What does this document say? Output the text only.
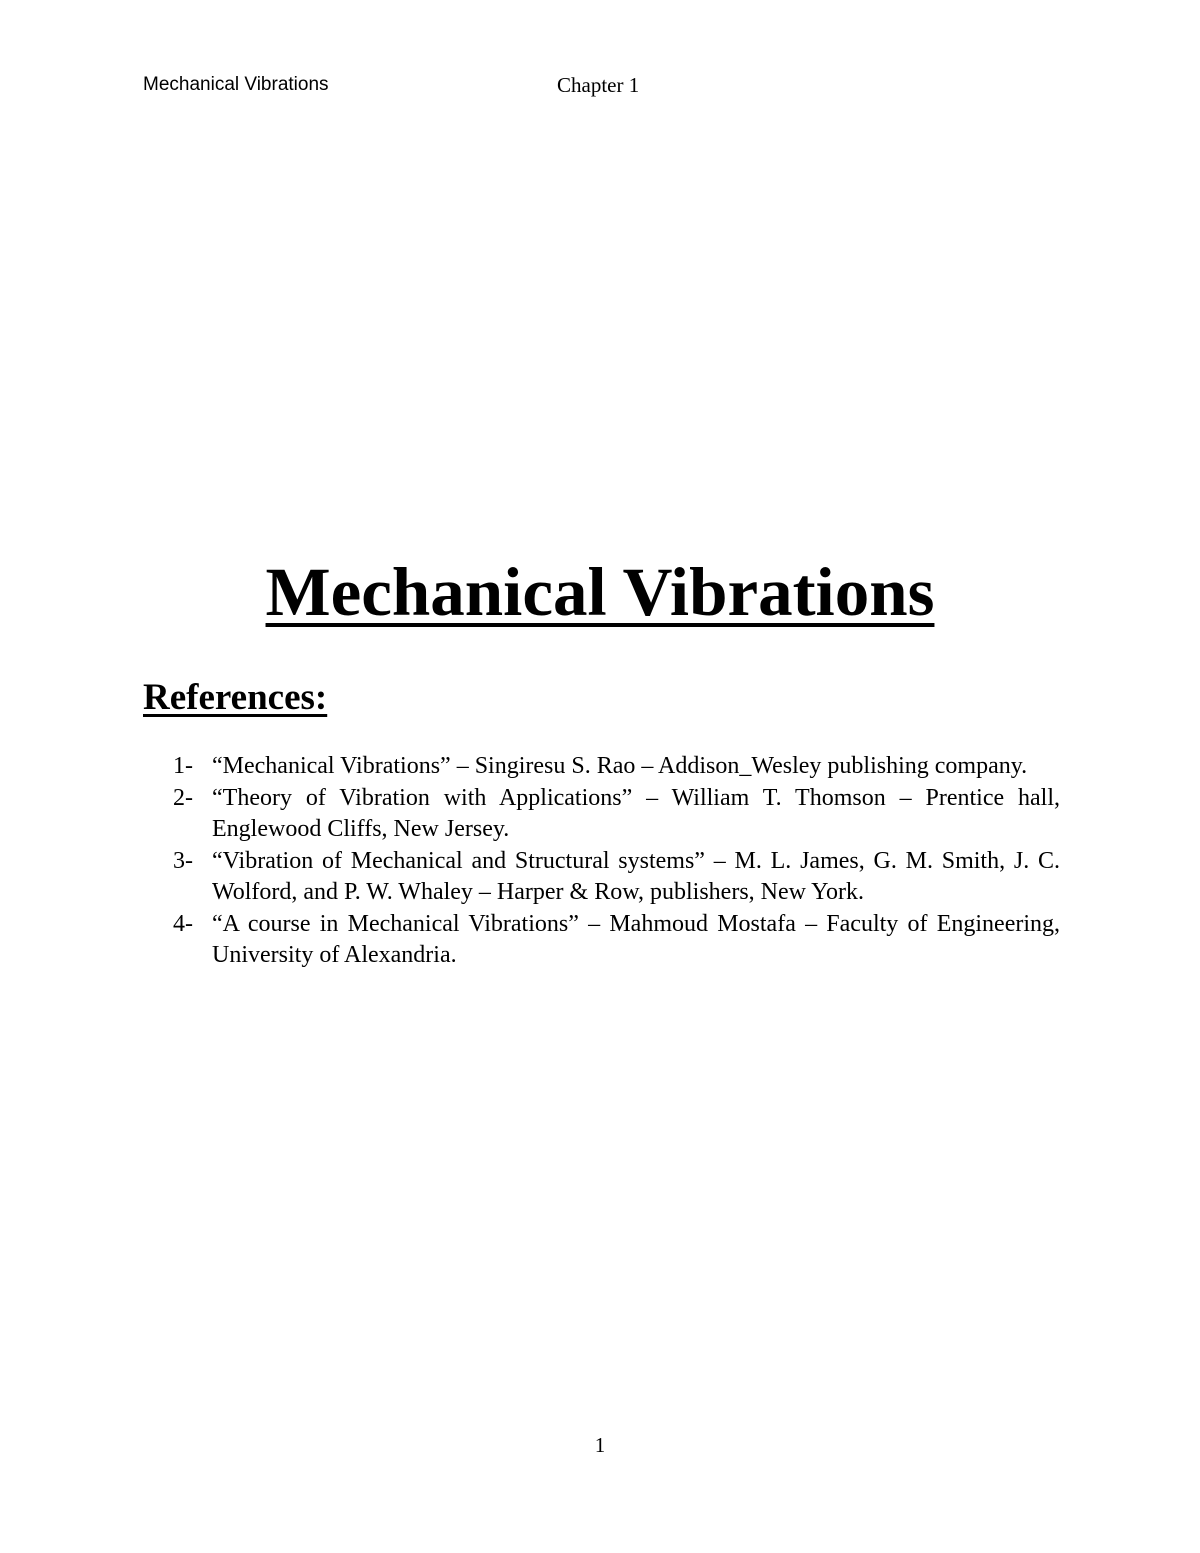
Mechanical Vibrations	Chapter 1
Mechanical Vibrations
References:
1- “Mechanical Vibrations” – Singiresu S. Rao – Addison_Wesley publishing company.
2- “Theory of Vibration with Applications” – William T. Thomson – Prentice hall, Englewood Cliffs, New Jersey.
3- “Vibration of Mechanical and Structural systems” – M. L. James, G. M. Smith, J. C. Wolford, and P. W. Whaley – Harper & Row, publishers, New York.
4- “A course in Mechanical Vibrations” – Mahmoud Mostafa – Faculty of Engineering, University of Alexandria.
1
